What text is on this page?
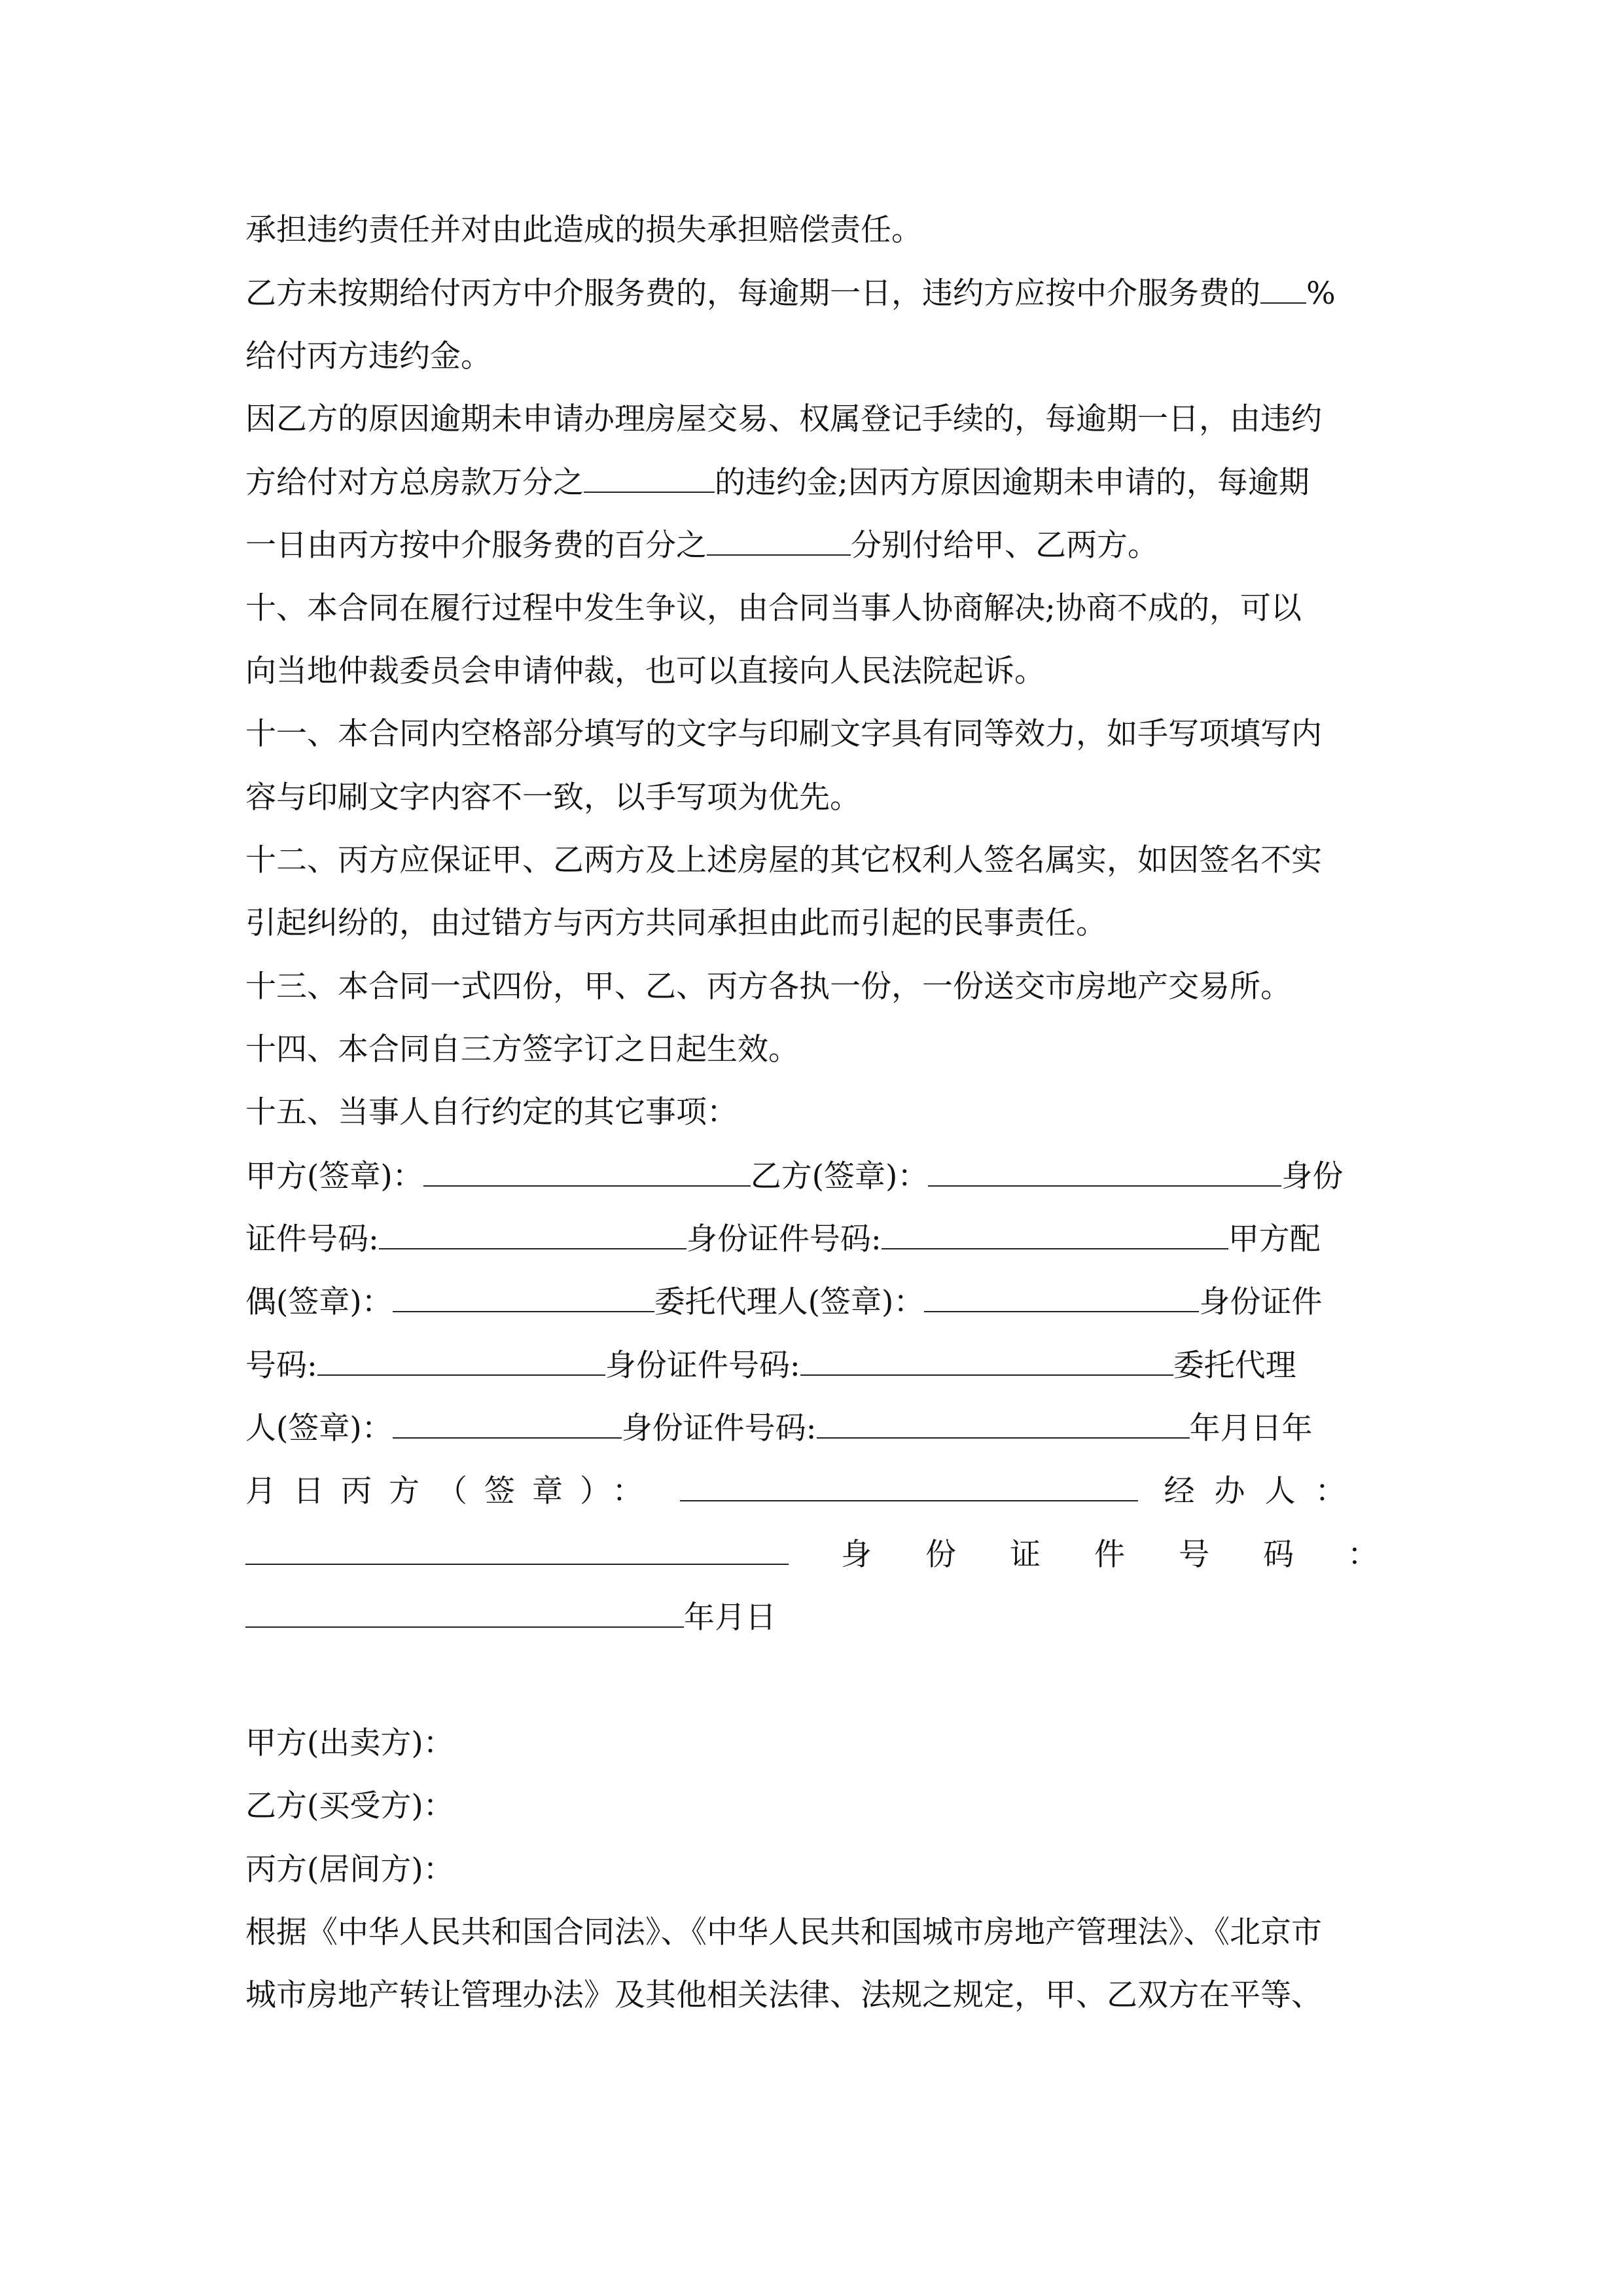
承担违约责任并对由此造成的损失承担赔偿责任。
乙方未按期给付丙方中介服务费的，每逾期一日，违约方应按中介服务费的 %
给付丙方违约金。
因乙方的原因逾期未申请办理房屋交易、权属登记手续的，每逾期一日，由违约
方给付对方总房款万分之	的违约金;因丙方原因逾期未申请的，每逾期
一日由丙方按中介服务费的百分之	分别付给甲、乙两方。
十、本合同在履行过程中发生争议，由合同当事人协商解决;协商不成的，可以
向当地仲裁委员会申请仲裁，也可以直接向人民法院起诉。
十一、本合同内空格部分填写的文字与印刷文字具有同等效力，如手写项填写内
容与印刷文字内容不一致，以手写项为优先。
十二、丙方应保证甲、乙两方及上述房屋的其它权利人签名属实，如因签名不实
引起纠纷的，由过错方与丙方共同承担由此而引起的民事责任。
十三、本合同一式四份，甲、乙、丙方各执一份，一份送交市房地产交易所。
十四、本合同自三方签字订之日起生效。
十五、当事人自行约定的其它事项：
甲方(签章)：	乙方(签章)：	身份
证件号码:	身份证件号码:	甲方配
偶(签章)：	委托代理人(签章)：	身份证件
号码:	身份证件号码:	委托代理
人(签章)：	身份证件号码:	年月日年
月日丙方（签章）：	经办人：
身份证件号码：
年月日
甲方(出卖方)：
乙方(买受方)：
丙方(居间方)：
根据《中华人民共和国合同法》、《中华人民共和国城市房地产管理法》、《北京市
城市房地产转让管理办法》及其他相关法律、法规之规定，甲、乙双方在平等、
